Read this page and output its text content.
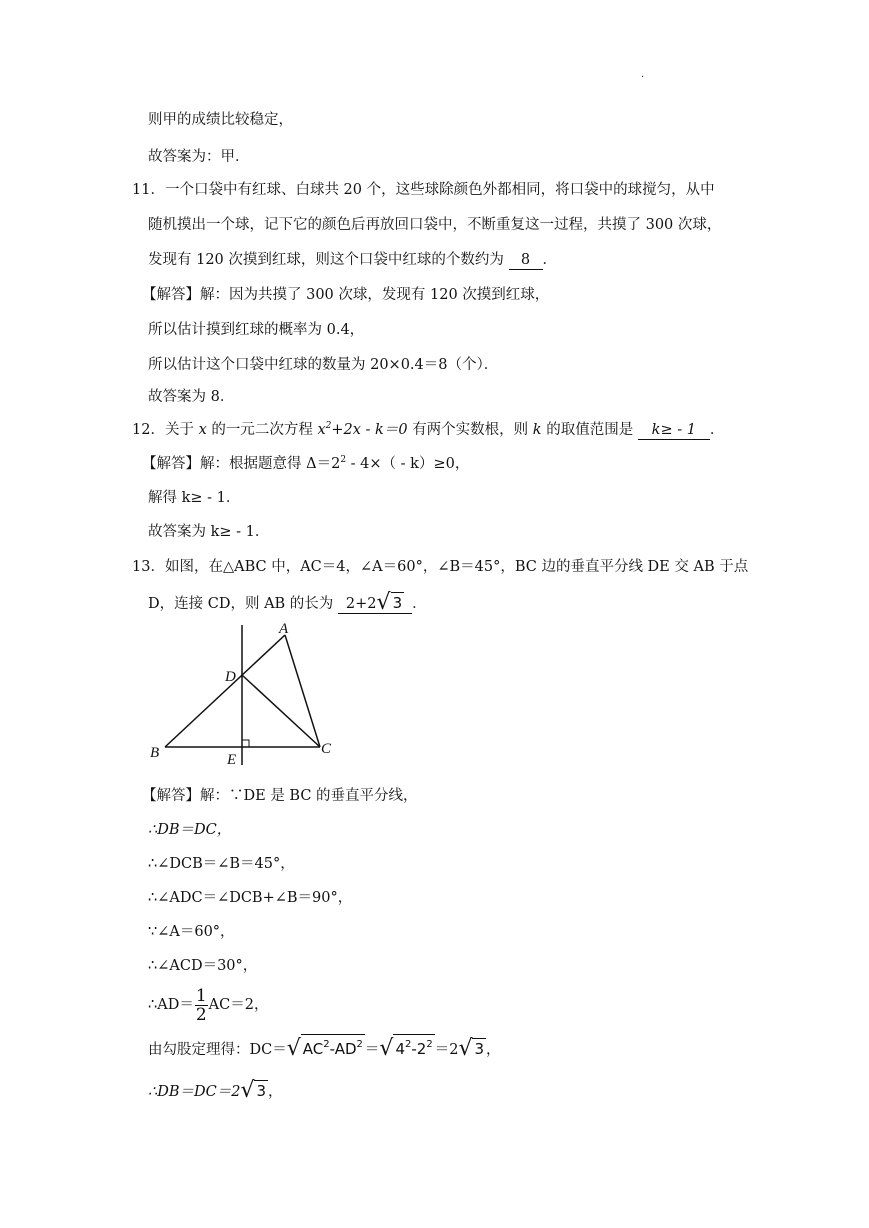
.
则甲的成绩比较稳定，
故答案为：甲．
11．一个口袋中有红球、白球共 20 个，这些球除颜色外都相同，将口袋中的球搅匀，从中
随机摸出一个球，记下它的颜色后再放回口袋中，不断重复这一过程，共摸了 300 次球，
发现有 120 次摸到红球，则这个口袋中红球的个数约为 8 ．
【解答】解：因为共摸了 300 次球，发现有 120 次摸到红球，
所以估计摸到红球的概率为 0.4，
所以估计这个口袋中红球的数量为 20×0.4＝8（个）．
故答案为 8．
12．关于 x 的一元二次方程 $x^2+2x - k=0$ 有两个实数根，则 k 的取值范围是 k≥ - 1 ．
【解答】解：根据题意得 $\Delta=2^2 - 4\times( - k)\ge 0$，
解得 k≥ - 1．
故答案为 k≥ - 1．
13．如图，在△ABC 中，AC＝4，∠A＝60°，∠B＝45°，BC 边的垂直平分线 DE 交 AB 于点
D，连接 CD，则 AB 的长为 2+2√ 3 ．
A
B	C
D
E
【解答】解：∵DE 是 BC 的垂直平分线，
∴DB＝DC，
∴∠DCB＝∠B＝45°，
∴∠ADC＝∠DCB+∠B＝90°，
∵∠A＝60°，
∴∠ACD＝30°，
∴AD＝ $\frac{1}{2} AC=2$，
由勾股定理得：DC＝√ $AC^2-AD^2$ ＝√ $4^2-2^2 =2√$ 3 ，
∴DB＝DC＝2√ 3 ，
